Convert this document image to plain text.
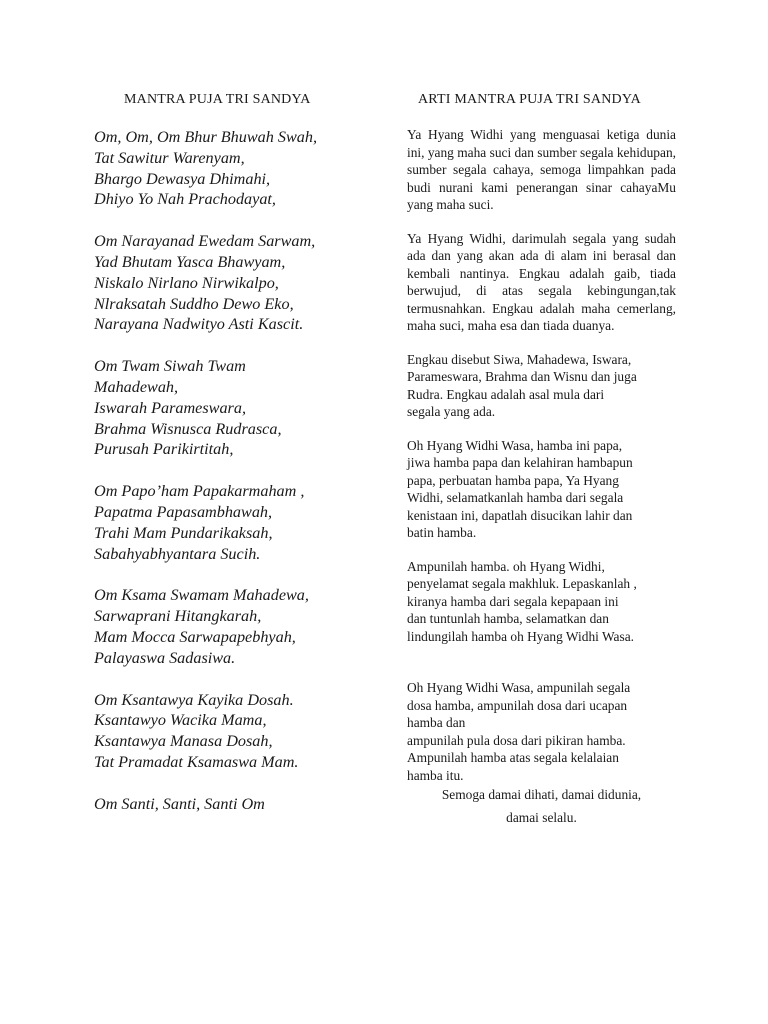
MANTRA PUJA TRI SANDYA	ARTI MANTRA PUJA TRI SANDYA
Om, Om, Om Bhur Bhuwah Swah,
Tat Sawitur Warenyam,
Bhargo Dewasya Dhimahi,
Dhiyo Yo Nah Prachodayat,
Om Narayanad Ewedam Sarwam,
Yad Bhutam Yasca Bhawyam,
Niskalo Nirlano Nirwikalpo,
Nlraksatah Suddho Dewo Eko,
Narayana Nadwityo Asti Kascit.
Om Twam Siwah Twam
Mahadewah,
Iswarah Parameswara,
Brahma Wisnusca Rudrasca,
Purusah Parikirtitah,
Om Papo’ham Papakarmaham ,
Papatma Papasambhawah,
Trahi Mam Pundarikaksah,
Sabahyabhyantara Sucih.
Om Ksama Swamam Mahadewa,
Sarwaprani Hitangkarah,
Mam Mocca Sarwapapebhyah,
Palayaswa Sadasiwa.
Om Ksantawya Kayika Dosah.
Ksantawyo Wacika Mama,
Ksantawya Manasa Dosah,
Tat Pramadat Ksamaswa Mam.
Om Santi, Santi, Santi Om

Ya Hyang Widhi yang menguasai ketiga dunia ini, yang maha suci dan sumber segala kehidupan, sumber segala cahaya, semoga limpahkan pada budi nurani kami penerangan sinar cahayaMu yang maha suci.

Ya Hyang Widhi, darimulah segala yang sudah ada dan yang akan ada di alam ini berasal dan kembali nantinya. Engkau adalah gaib, tiada berwujud, di atas segala kebingungan,tak termusnahkan. Engkau adalah maha cemerlang, maha suci, maha esa dan tiada duanya.

Engkau disebut Siwa, Mahadewa, Iswara,
Parameswara, Brahma dan Wisnu dan juga
Rudra. Engkau adalah asal mula dari
segala yang ada.
Oh Hyang Widhi Wasa, hamba ini papa,
jiwa hamba papa dan kelahiran hambapun
papa, perbuatan hamba papa, Ya Hyang
Widhi, selamatkanlah hamba dari segala
kenistaan ini, dapatlah disucikan lahir dan
batin hamba.
Ampunilah hamba. oh Hyang Widhi,
penyelamat segala makhluk. Lepaskanlah ,
kiranya hamba dari segala kepapaan ini
dan tuntunlah hamba, selamatkan dan
lindungilah hamba oh Hyang Widhi Wasa.
Oh Hyang Widhi Wasa, ampunilah segala
dosa hamba, ampunilah dosa dari ucapan
hamba dan
ampunilah pula dosa dari pikiran hamba.
Ampunilah hamba atas segala kelalaian
hamba itu.
Semoga damai dihati, damai didunia,
damai selalu.
